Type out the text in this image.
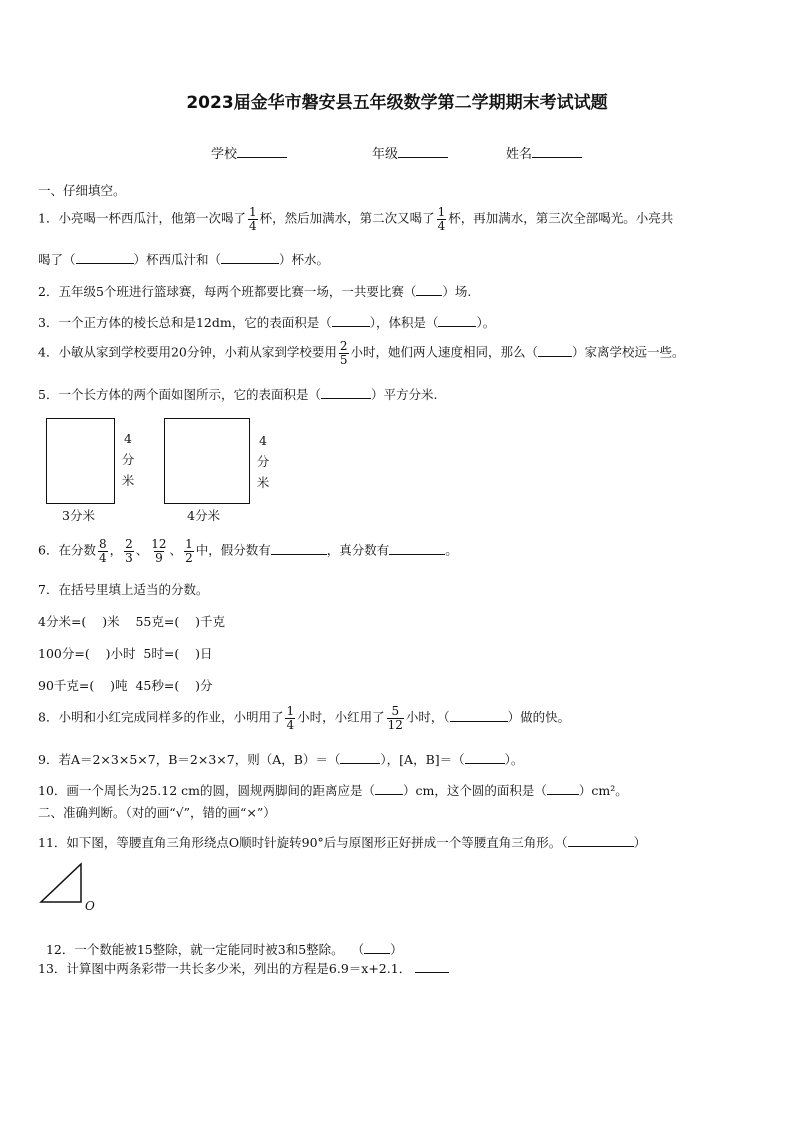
2023届金华市磐安县五年级数学第二学期期末考试试题
学校	年级	姓名
一、仔细填空。
1．小亮喝一杯西瓜汁，他第一次喝了 $\frac{1}{4}$ 杯，然后加满水，第二次又喝了 $\frac{1}{4}$ 杯，再加满水，第三次全部喝光。小亮共
喝了（	）杯西瓜汁和（	）杯水。
2．五年级5个班进行篮球赛，每两个班都要比赛一场，一共要比赛（ ）场.
3．一个正方体的棱长总和是12dm，它的表面积是（	），体积是（	）。
4．小敏从家到学校要用20分钟，小莉从家到学校要用 $\frac{2}{5}$ 小时，她们两人速度相同，那么（	）家离学校远一些。
5．一个长方体的两个面如图所示，它的表面积是（	）平方分米.
4
分
米
3分米
4
分
米
4分米
6．在分数 $\frac{8}{4}$ ， $\frac{2}{3}$ 、 $\frac{12}{9}$ 、 $\frac{1}{2}$ 中，假分数有	，真分数有	。
7．在括号里填上适当的分数。
4分米=(    )米    55克=(    )千克
100分=(    )小时  5时=(    )日
90千克=(    )吨  45秒=(    )分
8．小明和小红完成同样多的作业，小明用了 $\frac{1}{4}$ 小时，小红用了 $\frac{5}{12}$ 小时，（	）做的快。
9．若A＝2×3×5×7，B＝2×3×7，则（A，B）＝（	），[A，B]＝（	）。
10．画一个周长为25.12 cm的圆，圆规两脚间的距离应是（ ）cm，这个圆的面积是（	）cm²。
二、准确判断。（对的画“√”，错的画“×”）
11．如下图，等腰直角三角形绕点O顺时针旋转90°后与原图形正好拼成一个等腰直角三角形。（	）
O

12．一个数能被15整除，就一定能同时被3和5整除。  （ ）

13．计算图中两条彩带一共长多少米，列出的方程是6.9＝x+2.1．
